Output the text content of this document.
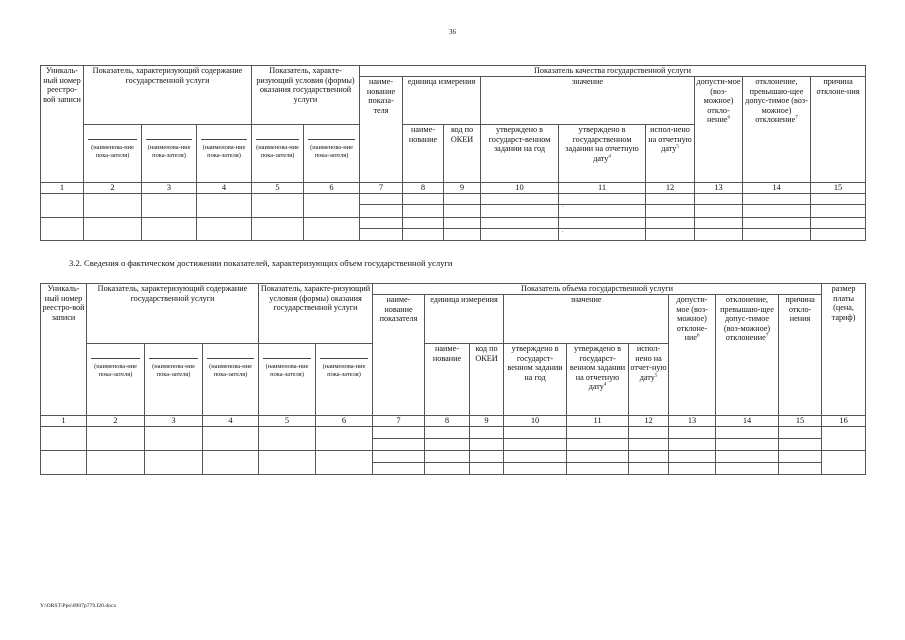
36
Уникаль-ный номер реестро-вой записи	Показатель, характеризующий содержание государственной услуги			Показатель, характе-ризующий условия (формы) оказания государственной услуги		Показатель качества государственной услуги								
						наиме-нование показа-теля	единица измерения		значение			допусти-мое (воз-можное) откло-нение$^6$	отклонение, превышаю-щее допус-тимое (воз-можное) отклонение$^7$	причина отклоне-ния

	(наименова-ние пока-зателя)	(наименова-ние пока-зателя)	(наименова-ние пока-зателя)	(наименова-ние пока-зателя)	(наименова-ние пока-зателя)		наиме-нование	код по ОКЕИ	утверждено в государст-венном задании на год	утверждено в государственном задании на отчетную дату$^4$	испол-нено на отчетную дату$^5$
1	2	3	4	5	6	7	8	9	10	11	12	13	14	15

.
.
3.2. Сведения о фактическом достижении показателей, характеризующих объем государственной услуги
Уникаль-ный номер реестро-вой записи	Показатель, характеризующий содержание государственной услуги			Показатель, характе-ризующий условия (формы) оказания государственной услуги		Показатель объема государственной услуги									размер платы (цена, тариф)
						наиме-нование показателя	единица измерения		значение			допусти-мое (воз-можное) отклоне-ние$^6$	отклонение, превышаю-щее допус-тимое (воз-можное) отклонение$^7$	причина откло-нения	

	(наименова-ние пока-зателя)	(наименова-ние пока-зателя)	(наименова-ние пока-зателя)	(наименова-ние пока-зателя)	(наименова-ние пока-зателя)		наиме-нование	код по ОКЕИ	утверждено в государст-венном задании на год	утверждено в государст-венном задании на отчетную дату$^4$	испол-нено на отчет-ную дату$^5$
1	2	3	4	5	6	7	8	9	10	11	12	13	14	15	16

Y:\ORST\Ppo\0907p779.f20.docx
